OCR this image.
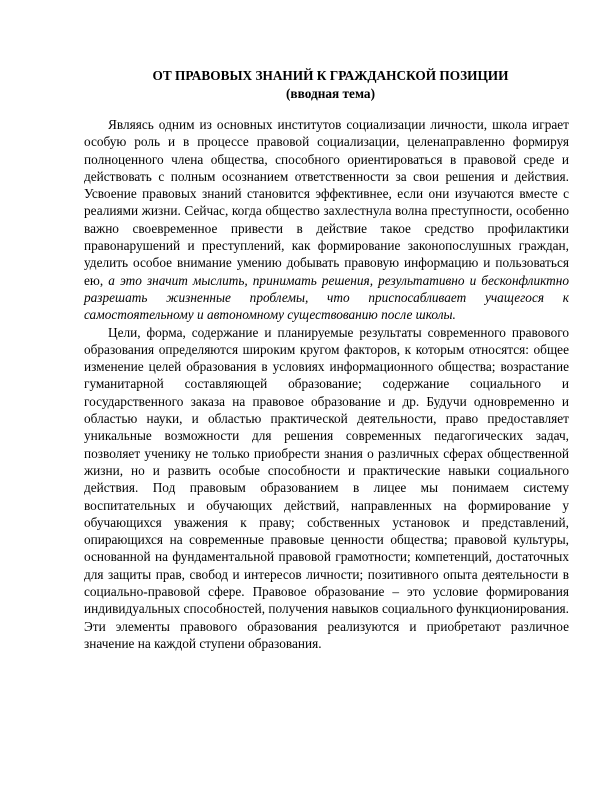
ОТ ПРАВОВЫХ ЗНАНИЙ К ГРАЖДАНСКОЙ ПОЗИЦИИ
(вводная тема)

Являясь одним из основных институтов социализации личности, школа играет особую роль и в процессе правовой социализации, целенаправленно формируя полноценного члена общества, способного ориентироваться в правовой среде и действовать с полным осознанием ответственности за свои решения и действия. Усвоение правовых знаний становится эффективнее, если они изучаются вместе с реалиями жизни. Сейчас, когда общество захлестнула волна преступности, особенно важно своевременное привести в действие такое средство профилактики правонарушений и преступлений, как формирование законопослушных граждан, уделить особое внимание умению добывать правовую информацию и пользоваться ею, а это значит мыслить, принимать решения, результативно и бесконфликтно разрешать жизненные проблемы, что приспосабливает учащегося к самостоятельному и автономному существованию после школы.

Цели, форма, содержание и планируемые результаты современного правового образования определяются широким кругом факторов, к которым относятся: общее изменение целей образования в условиях информационного общества; возрастание гуманитарной составляющей образование; содержание социального и государственного заказа на правовое образование и др. Будучи одновременно и областью науки, и областью практической деятельности, право предоставляет уникальные возможности для решения современных педагогических задач, позволяет ученику не только приобрести знания о различных сферах общественной жизни, но и развить особые способности и практические навыки социального действия. Под правовым образованием в лицее мы понимаем систему воспитательных и обучающих действий, направленных на формирование у обучающихся уважения к праву; собственных установок и представлений, опирающихся на современные правовые ценности общества; правовой культуры, основанной на фундаментальной правовой грамотности; компетенций, достаточных для защиты прав, свобод и интересов личности; позитивного опыта деятельности в социально-правовой сфере. Правовое образование – это условие формирования индивидуальных способностей, получения навыков социального функционирования. Эти элементы правового образования реализуются и приобретают различное значение на каждой ступени образования.
